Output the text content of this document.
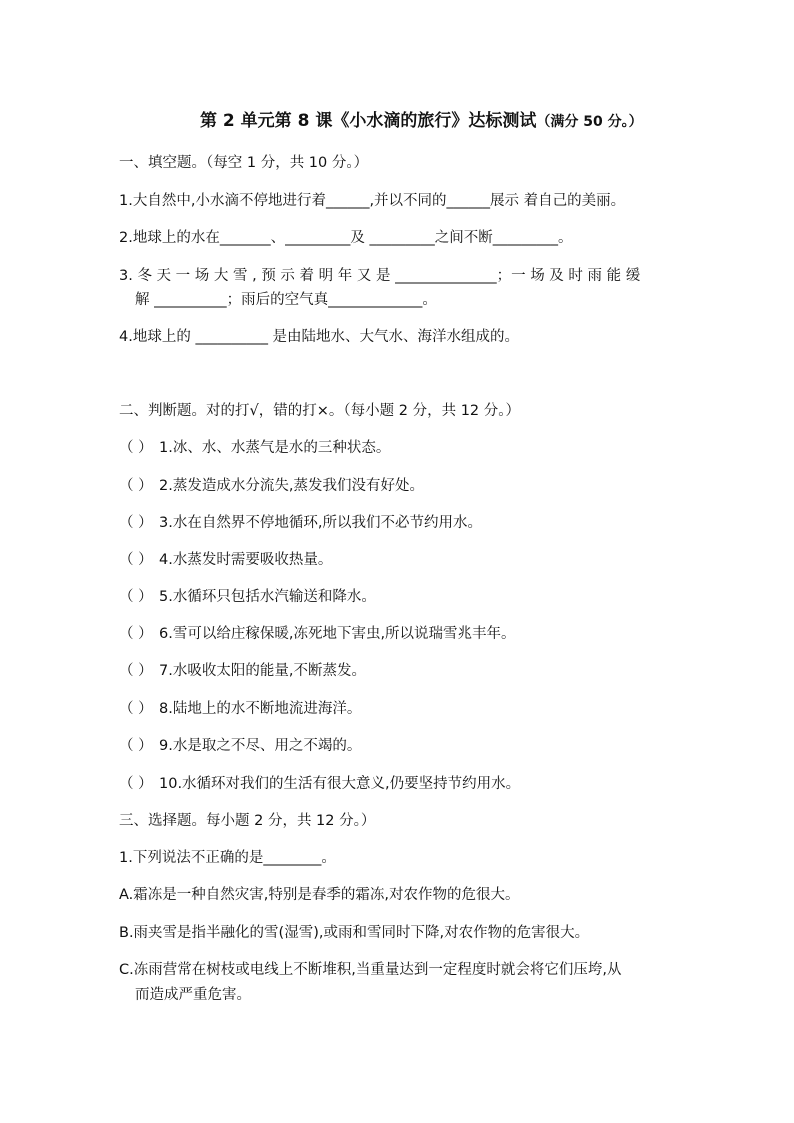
第 2 单元第 8 课《小水滴的旅行》达标测试（满分 50 分。）
一、填空题。（每空 1 分，共 10 分。）
1.大自然中,小水滴不停地进行着______,并以不同的______展示 着自己的美丽。
2.地球上的水在_______、_________及 _________之间不断_________。
3. 冬 天 一 场 大 雪 , 预 示 着 明 年 又 是 ______________；一 场 及 时 雨 能 缓
解 __________；雨后的空气真_____________。
4.地球上的 __________ 是由陆地水、大气水、海洋水组成的。
二、判断题。对的打√，错的打×。（每小题 2 分，共 12 分。）
（ ） 1.冰、水、水蒸气是水的三种状态。
（ ） 2.蒸发造成水分流失,蒸发我们没有好处。
（ ） 3.水在自然界不停地循环,所以我们不必节约用水。
（ ） 4.水蒸发时需要吸收热量。
（ ） 5.水循环只包括水汽输送和降水。
（ ） 6.雪可以给庄稼保暖,冻死地下害虫,所以说瑞雪兆丰年。
（ ） 7.水吸收太阳的能量,不断蒸发。
（ ） 8.陆地上的水不断地流进海洋。
（ ） 9.水是取之不尽、用之不竭的。
（ ） 10.水循环对我们的生活有很大意义,仍要坚持节约用水。
三、选择题。每小题 2 分，共 12 分。）
1.下列说法不正确的是________。
A.霜冻是一种自然灾害,特别是春季的霜冻,对农作物的危很大。
B.雨夹雪是指半融化的雪(湿雪),或雨和雪同时下降,对农作物的危害很大。
C.冻雨营常在树枝或电线上不断堆积,当重量达到一定程度时就会将它们压垮,从
而造成严重危害。
